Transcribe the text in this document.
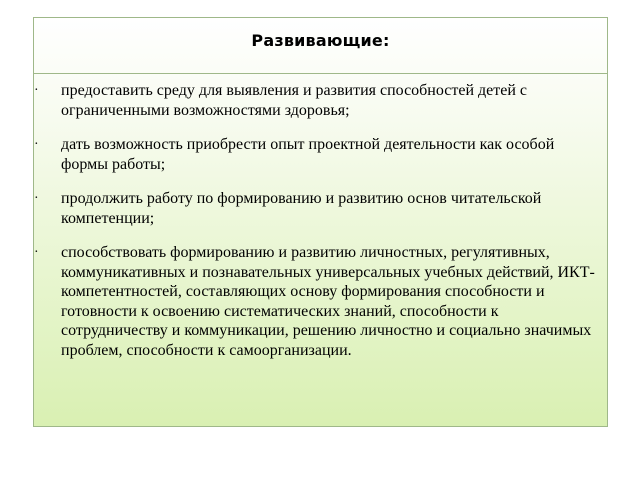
Развивающие:
· предоставить среду для выявления и развития способностей детей с ограниченными возможностями здоровья;
· дать возможность приобрести опыт проектной деятельности как особой формы работы;
· продолжить работу по формированию и развитию основ читательской компетенции;
· способствовать формированию и развитию личностных, регулятивных, коммуникативных и познавательных универсальных учебных действий, ИКТ-компетентностей, составляющих основу формирования способности и готовности к освоению систематических знаний, способности к сотрудничеству и коммуникации, решению личностно и социально значимых проблем, способности к самоорганизации.
